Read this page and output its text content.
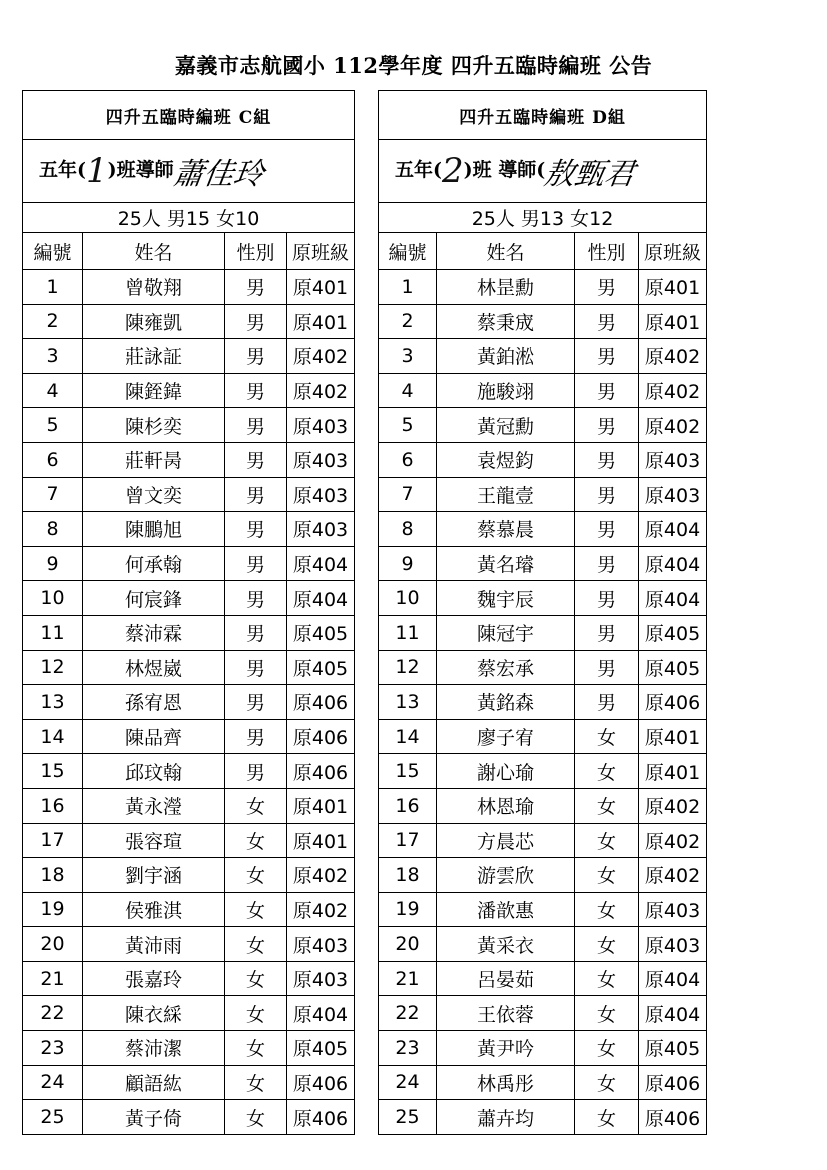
嘉義市志航國小 112學年度 四升五臨時編班 公告
四升五臨時編班 C組			
五年(1)班導師蕭佳玲			
25人 男15 女10			
編號	姓名	性別	原班級
1	曾敬翔	男	原401
2	陳雍凱	男	原401
3	莊詠証	男	原402
4	陳銍鍏	男	原402
5	陳杉奕	男	原403
6	莊軒昺	男	原403
7	曾文奕	男	原403
8	陳鵬旭	男	原403
9	何承翰	男	原404
10	何宸鋒	男	原404
11	蔡沛霖	男	原405
12	林煜崴	男	原405
13	孫宥恩	男	原406
14	陳品齊	男	原406
15	邱玟翰	男	原406
16	黃永瀅	女	原401
17	張容瑄	女	原401
18	劉宇涵	女	原402
19	侯雅淇	女	原402
20	黃沛雨	女	原403
21	張嘉玲	女	原403
22	陳衣綵	女	原404
23	蔡沛潔	女	原405
24	顧語紘	女	原406
25	黃子倚	女	原406
四升五臨時編班 D組			
五年(2)班 導師(敖甄君			
25人 男13 女12			
編號	姓名	性別	原班級
1	林昰勳	男	原401
2	蔡秉宬	男	原401
3	黃鉑淞	男	原402
4	施駿翊	男	原402
5	黃冠勳	男	原402
6	袁煜鈞	男	原403
7	王龍壹	男	原403
8	蔡慕晨	男	原404
9	黃名璿	男	原404
10	魏宇辰	男	原404
11	陳冠宇	男	原405
12	蔡宏承	男	原405
13	黃銘森	男	原406
14	廖子宥	女	原401
15	謝心瑜	女	原401
16	林恩瑜	女	原402
17	方晨芯	女	原402
18	游雲欣	女	原402
19	潘歆惠	女	原403
20	黃采衣	女	原403
21	呂晏茹	女	原404
22	王依蓉	女	原404
23	黃尹吟	女	原405
24	林禹彤	女	原406
25	蕭卉均	女	原406
